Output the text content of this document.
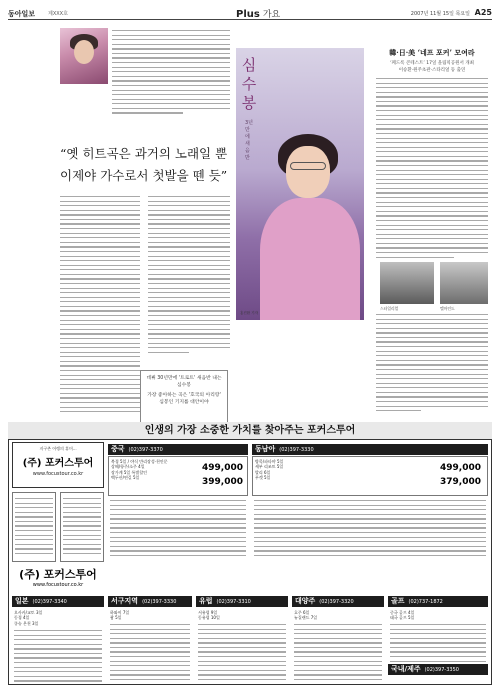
동아일보	제XXX호	Plus 가요	2007년 11월 15일 목요일 A25
“옛 히트곡은 과거의 노래일 뿐
이제야 가수로서 첫발을 뗀 듯”
데뷔 30년만에 '트로트' 새음반 내는
심수봉
가장 좋아하는 곡은 '호국의 아리랑'
심봉인 기지를 대안이야
심수봉
3년만에 새음반
홍진환 기자
韓·日·美 ‘네프 포커’ 모여라
‘페드록 콘테스트’ 17일 올림픽공원서 개최
이승환·원주초관·스타리얼 등 출연
스타일리얼	엘마인드
인생의 가장 소중한 가치를 찾아주는 포커스투어
지구촌 어렝의 휴머...
(주) 포커스투어
www.focustour.co.kr
(주) 포커스투어
www.focustour.co.kr
중국 (02)397-3370
북경 5일 / 야식 만리장성·천안문
상해/항주/소주 4일
장가계 5일 특별할인
백두산/연길 5일
499,000
399,000
동남아 (02)397-3330
방콕/파타야 5일
세부 리조트 5일
발리 6일
푸켓 5일
499,000
379,000
일본 (02)397-3340	서구지역 (02)397-3330	유럽 (02)397-3310	대양주 (02)397-3320	골프 (02)737-1872
오사카/교토 3일
동경 4일
큐슈 온천 3일
하와이 7일
괌 5일
서유럽 9일
동유럽 10일
호주 6일
뉴질랜드 7일
중국 골프 4일
태국 골프 5일
국내/제주 (02)397-3350
